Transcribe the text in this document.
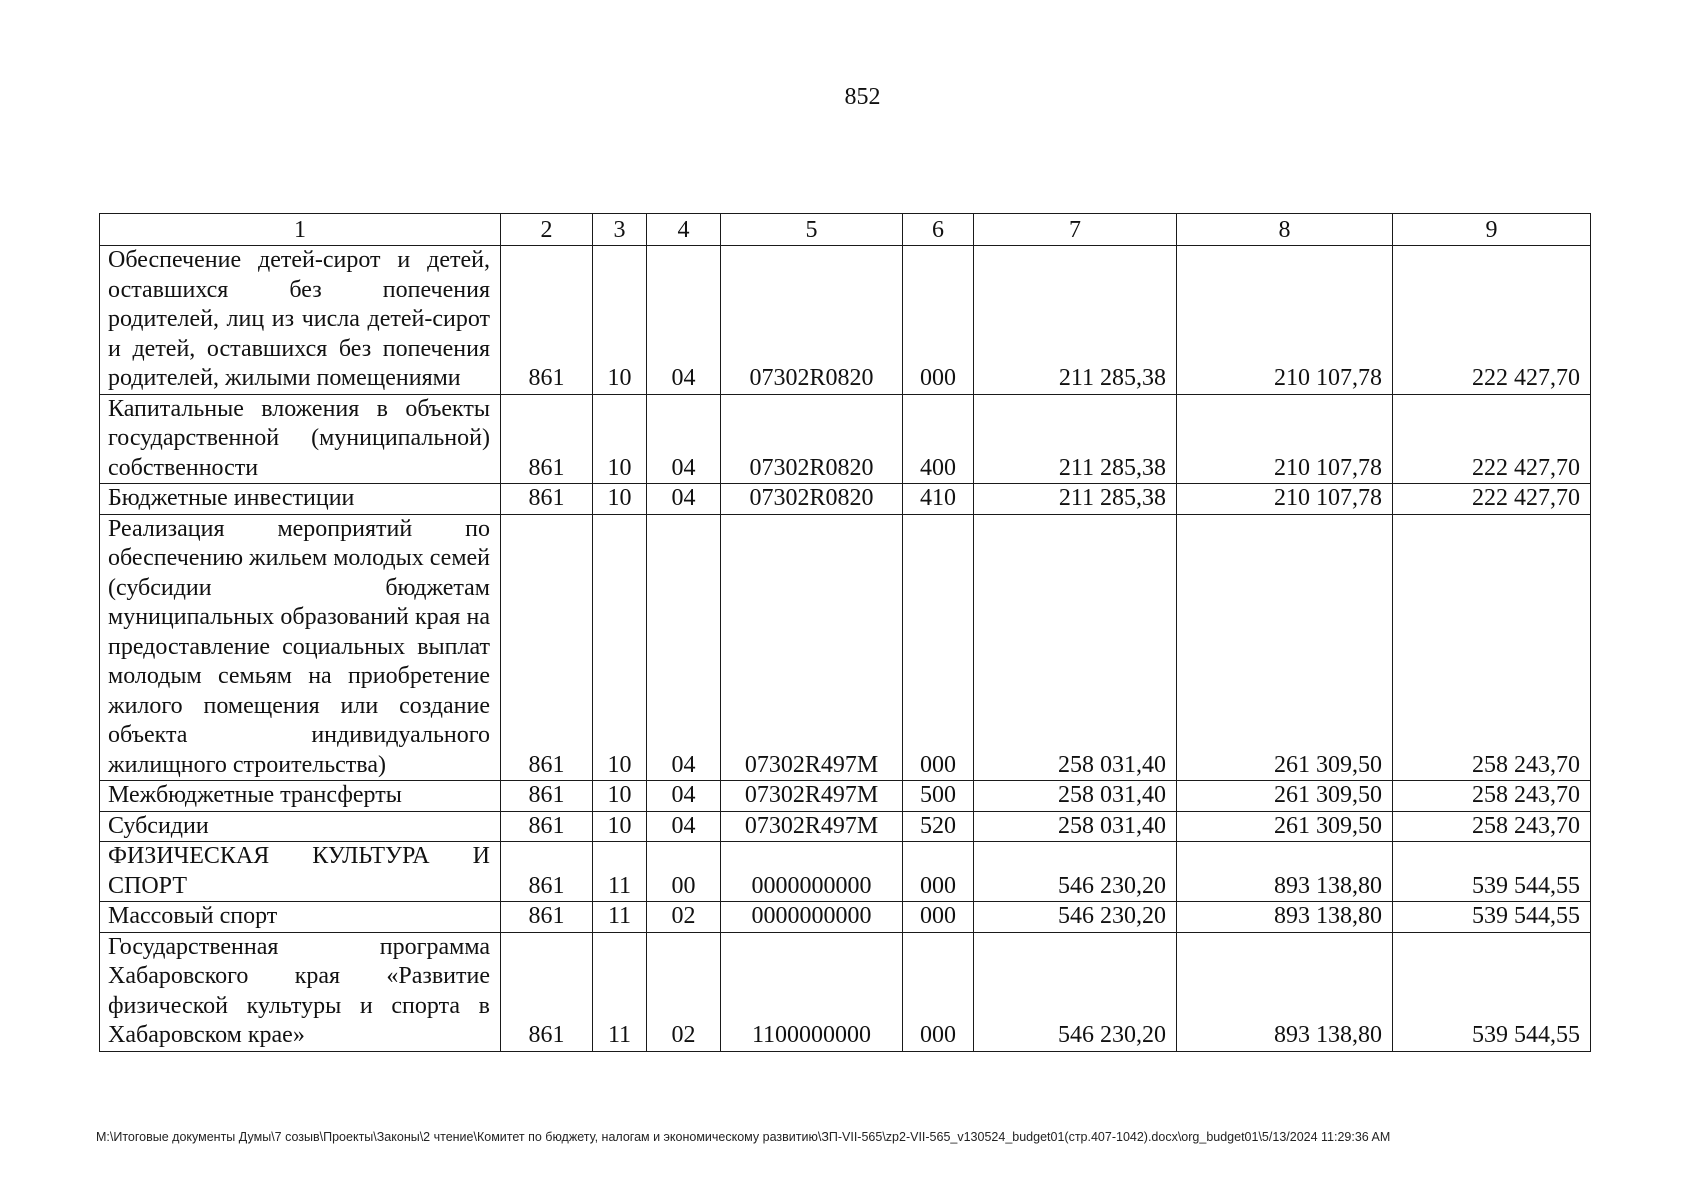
852
1	2	3	4	5	6	7	8	9
Обеспечение детей-сирот и детей, оставшихся без попечения родителей, лиц из числа детей-сирот и детей, оставшихся без попечения родителей, жилыми помещениями	861	10	04	07302R0820	000	211 285,38	210 107,78	222 427,70
Капитальные вложения в объекты государственной (муниципальной) собственности	861	10	04	07302R0820	400	211 285,38	210 107,78	222 427,70
Бюджетные инвестиции	861	10	04	07302R0820	410	211 285,38	210 107,78	222 427,70
Реализация мероприятий по обеспечению жильем молодых семей (субсидии бюджетам муниципальных образований края на предоставление социальных выплат молодым семьям на приобретение жилого помещения или создание объекта индивидуального жилищного строительства)	861	10	04	07302R497M	000	258 031,40	261 309,50	258 243,70
Межбюджетные трансферты	861	10	04	07302R497M	500	258 031,40	261 309,50	258 243,70
Субсидии	861	10	04	07302R497M	520	258 031,40	261 309,50	258 243,70
ФИЗИЧЕСКАЯ КУЛЬТУРА И СПОРТ	861	11	00	0000000000	000	546 230,20	893 138,80	539 544,55
Массовый спорт	861	11	02	0000000000	000	546 230,20	893 138,80	539 544,55
Государственная программа Хабаровского края «Развитие физической культуры и спорта в Хабаровском крае»	861	11	02	1100000000	000	546 230,20	893 138,80	539 544,55
M:\Итоговые документы Думы\7 созыв\Проекты\Законы\2 чтение\Комитет по бюджету, налогам и экономическому развитию\ЗП-VII-565\zp2-VII-565_v130524_budget01(стр.407-1042).docx\org_budget01\5/13/2024 11:29:36 AM
